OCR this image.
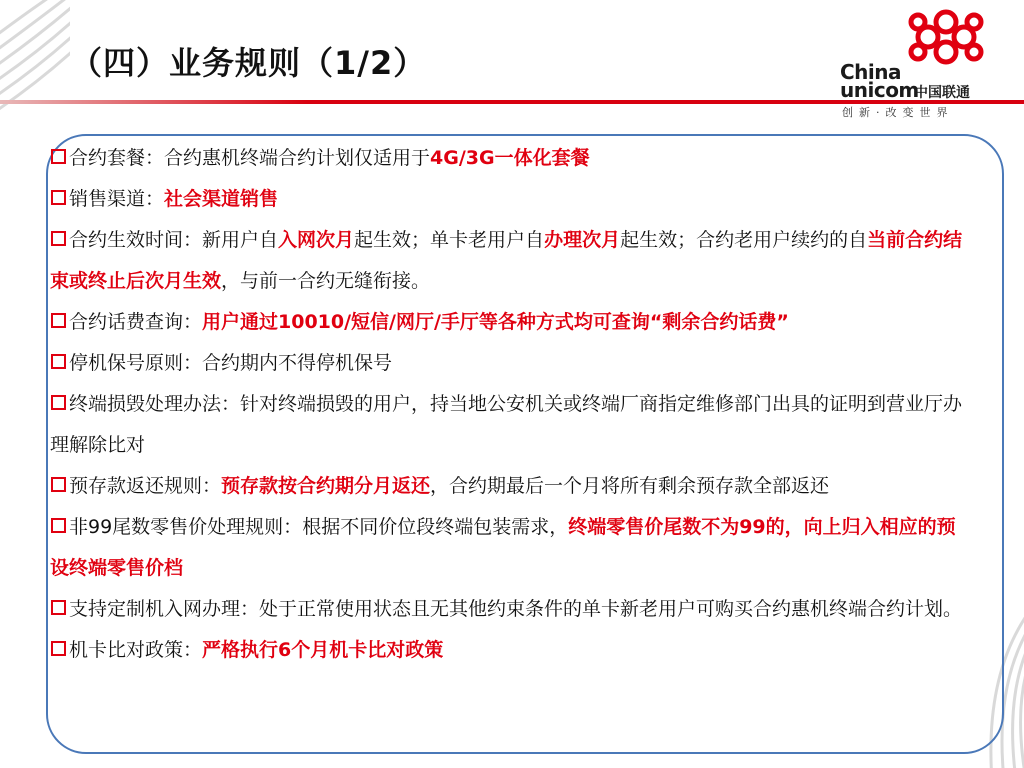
（四）业务规则（1/2）	China
unicom
中国联通
创新·改变世界
合约套餐：合约惠机终端合约计划仅适用于4G/3G一体化套餐
销售渠道：社会渠道销售
合约生效时间：新用户自入网次月起生效；单卡老用户自办理次月起生效；合约老用户续约的自当前合约结束或终止后次月生效，与前一合约无缝衔接。
合约话费查询：用户通过10010/短信/网厅/手厅等各种方式均可查询“剩余合约话费”
停机保号原则：合约期内不得停机保号
终端损毁处理办法：针对终端损毁的用户，持当地公安机关或终端厂商指定维修部门出具的证明到营业厅办理解除比对
预存款返还规则：预存款按合约期分月返还，合约期最后一个月将所有剩余预存款全部返还
非99尾数零售价处理规则：根据不同价位段终端包装需求，终端零售价尾数不为99的，向上归入相应的预设终端零售价档
支持定制机入网办理：处于正常使用状态且无其他约束条件的单卡新老用户可购买合约惠机终端合约计划。
机卡比对政策：严格执行6个月机卡比对政策
